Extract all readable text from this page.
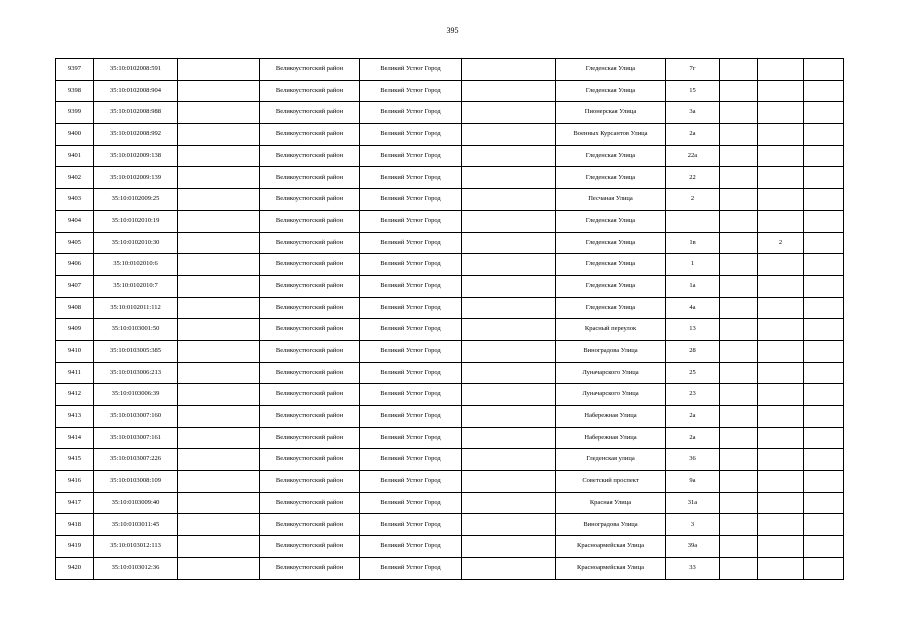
395
9397	35:10:0102008:591		Великоустюгский район	Великий Устюг Город		Гледенская Улица	7г			
9398	35:10:0102008:904		Великоустюгский район	Великий Устюг Город		Гледенская Улица	15			
9399	35:10:0102008:988		Великоустюгский район	Великий Устюг Город		Пионерская Улица	3а			
9400	35:10:0102008:992		Великоустюгский район	Великий Устюг Город		Военных Курсантов Улица	2а			
9401	35:10:0102009:138		Великоустюгский район	Великий Устюг Город		Гледенская Улица	22а			
9402	35:10:0102009:139		Великоустюгский район	Великий Устюг Город		Гледенская Улица	22			
9403	35:10:0102009:25		Великоустюгский район	Великий Устюг Город		Песчаная Улица	2			
9404	35:10:0102010:19		Великоустюгский район	Великий Устюг Город		Гледенская Улица				
9405	35:10:0102010:30		Великоустюгский район	Великий Устюг Город		Гледенская Улица	1в		2	
9406	35:10:0102010:6		Великоустюгский район	Великий Устюг Город		Гледенская Улица	1			
9407	35:10:0102010:7		Великоустюгский район	Великий Устюг Город		Гледенская Улица	1а			
9408	35:10:0102011:112		Великоустюгский район	Великий Устюг Город		Гледенская Улица	4а			
9409	35:10:0103001:50		Великоустюгский район	Великий Устюг Город		Красный переулок	13			
9410	35:10:0103005:385		Великоустюгский район	Великий Устюг Город		Виноградова Улица	28			
9411	35:10:0103006:213		Великоустюгский район	Великий Устюг Город		Луначарского Улица	25			
9412	35:10:0103006:39		Великоустюгский район	Великий Устюг Город		Луначарского Улица	23			
9413	35:10:0103007:160		Великоустюгский район	Великий Устюг Город		Набережная Улица	2а			
9414	35:10:0103007:161		Великоустюгский район	Великий Устюг Город		Набережная Улица	2а			
9415	35:10:0103007:226		Великоустюгский район	Великий Устюг Город		Гледенская улица	36			
9416	35:10:0103008:109		Великоустюгский район	Великий Устюг Город		Советский проспект	9а			
9417	35:10:0103009:40		Великоустюгский район	Великий Устюг Город		Красная Улица	31а			
9418	35:10:0103011:45		Великоустюгский район	Великий Устюг Город		Виноградова Улица	3			
9419	35:10:0103012:113		Великоустюгский район	Великий Устюг Город		Красноармейская Улица	39а			
9420	35:10:0103012:36		Великоустюгский район	Великий Устюг Город		Красноармейская Улица	33			
